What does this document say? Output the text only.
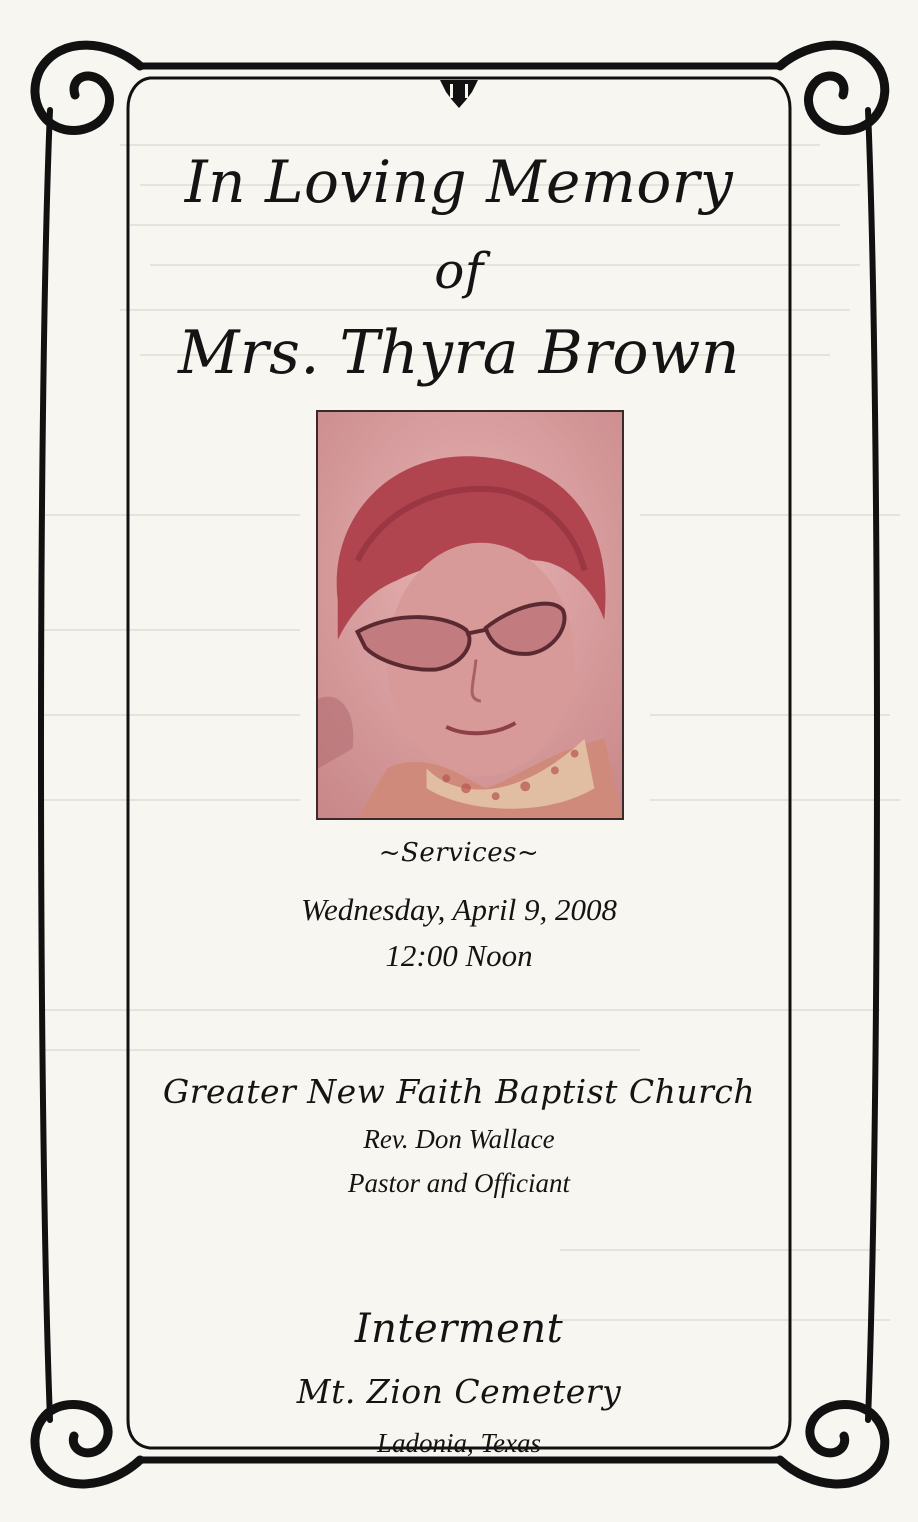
In Loving Memory
of
Mrs. Thyra Brown
~Services~
Wednesday, April 9, 2008
12:00 Noon
Greater New Faith Baptist Church
Rev. Don Wallace
Pastor and Officiant
Interment
Mt. Zion Cemetery
Ladonia, Texas
